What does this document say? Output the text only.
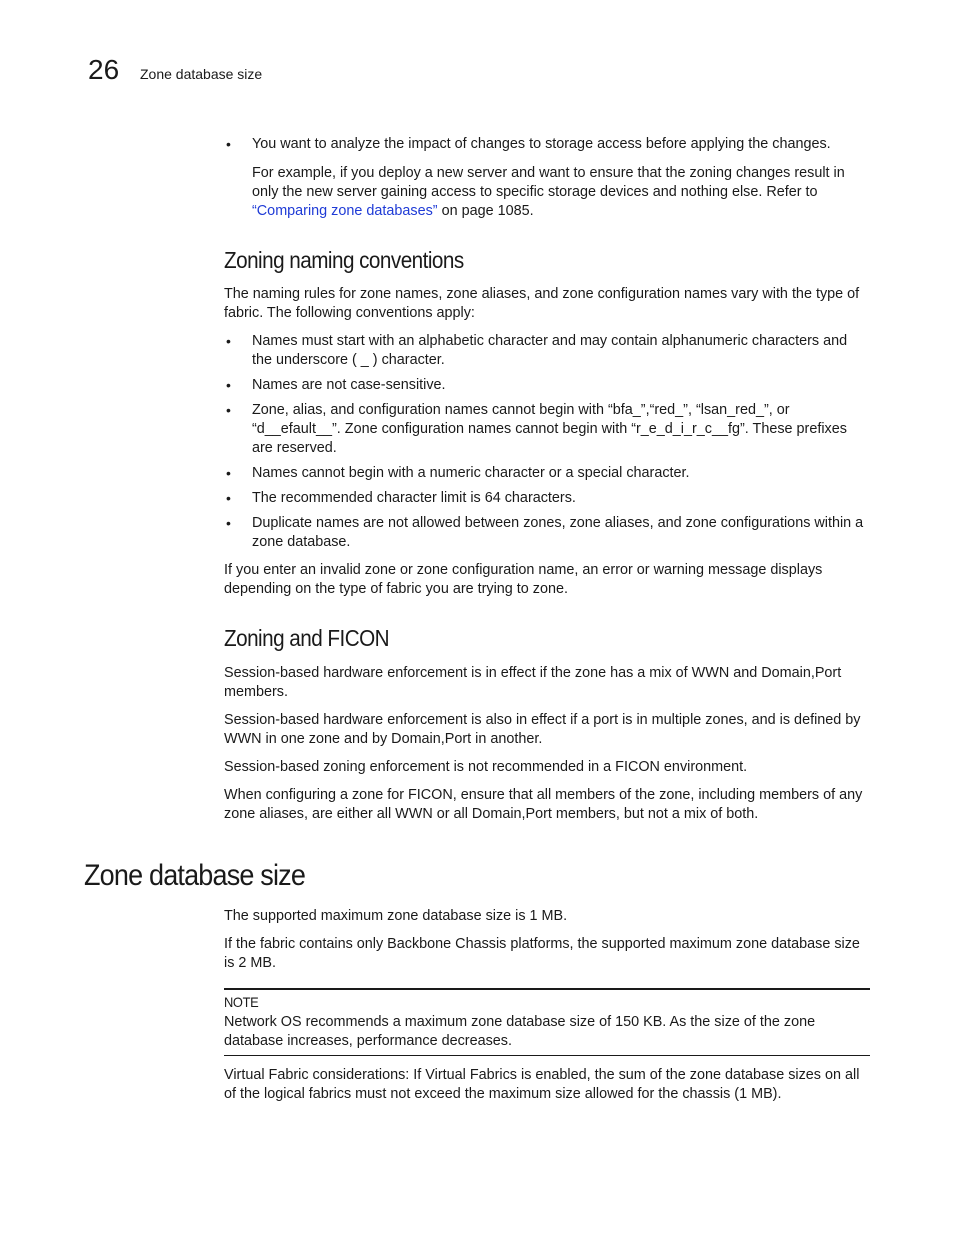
26 Zone database size
• You want to analyze the impact of changes to storage access before applying the changes.

For example, if you deploy a new server and want to ensure that the zoning changes result in only the new server gaining access to specific storage devices and nothing else. Refer to “Comparing zone databases” on page 1085.

Zoning naming conventions

The naming rules for zone names, zone aliases, and zone configuration names vary with the type of fabric. The following conventions apply:

• Names must start with an alphabetic character and may contain alphanumeric characters and the underscore ( _ ) character.
• Names are not case-sensitive.
• Zone, alias, and configuration names cannot begin with “bfa_”,“red_”, “lsan_red_”, or “d__efault__”. Zone configuration names cannot begin with “r_e_d_i_r_c__fg”. These prefixes are reserved.
• Names cannot begin with a numeric character or a special character.
• The recommended character limit is 64 characters.
• Duplicate names are not allowed between zones, zone aliases, and zone configurations within a zone database.

If you enter an invalid zone or zone configuration name, an error or warning message displays depending on the type of fabric you are trying to zone.

Zoning and FICON

Session-based hardware enforcement is in effect if the zone has a mix of WWN and Domain,Port members.

Session-based hardware enforcement is also in effect if a port is in multiple zones, and is defined by WWN in one zone and by Domain,Port in another.

Session-based zoning enforcement is not recommended in a FICON environment.

When configuring a zone for FICON, ensure that all members of the zone, including members of any zone aliases, are either all WWN or all Domain,Port members, but not a mix of both.

Zone database size

The supported maximum zone database size is 1 MB.

If the fabric contains only Backbone Chassis platforms, the supported maximum zone database size is 2 MB.

NOTE
Network OS recommends a maximum zone database size of 150 KB. As the size of the zone database increases, performance decreases.

Virtual Fabric considerations: If Virtual Fabrics is enabled, the sum of the zone database sizes on all of the logical fabrics must not exceed the maximum size allowed for the chassis (1 MB).
